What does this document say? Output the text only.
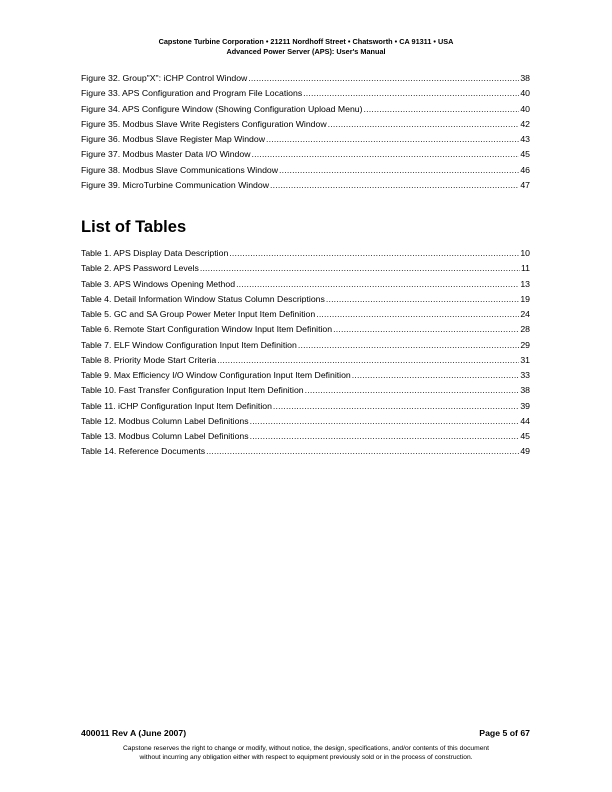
Capstone Turbine Corporation • 21211 Nordhoff Street • Chatsworth • CA 91311 • USA
Advanced Power Server (APS): User's Manual
Figure 32. Group"X": iCHP Control Window .....	38
Figure 33. APS Configuration and Program File Locations .....	40
Figure 34. APS Configure Window (Showing Configuration Upload Menu) .....	40
Figure 35. Modbus Slave Write Registers Configuration Window .....	42
Figure 36. Modbus Slave Register Map Window .....	43
Figure 37. Modbus Master Data I/O Window .....	45
Figure 38. Modbus Slave Communications Window .....	46
Figure 39. MicroTurbine Communication Window .....	47
List of Tables
Table 1. APS Display Data Description .....	10
Table 2. APS Password Levels .....	11
Table 3. APS Windows Opening Method .....	13
Table 4. Detail Information Window Status Column Descriptions .....	19
Table 5. GC and SA Group Power Meter Input Item Definition .....	24
Table 6. Remote Start Configuration Window Input Item Definition .....	28
Table 7. ELF Window Configuration Input Item Definition .....	29
Table 8. Priority Mode Start Criteria .....	31
Table 9. Max Efficiency I/O Window Configuration Input Item Definition .....	33
Table 10. Fast Transfer Configuration Input Item Definition .....	38
Table 11. iCHP Configuration Input Item Definition .....	39
Table 12. Modbus Column Label Definitions .....	44
Table 13. Modbus Column Label Definitions .....	45
Table 14. Reference Documents .....	49
400011 Rev A (June 2007)	Page 5 of 67
Capstone reserves the right to change or modify, without notice, the design, specifications, and/or contents of this document
without incurring any obligation either with respect to equipment previously sold or in the process of construction.
